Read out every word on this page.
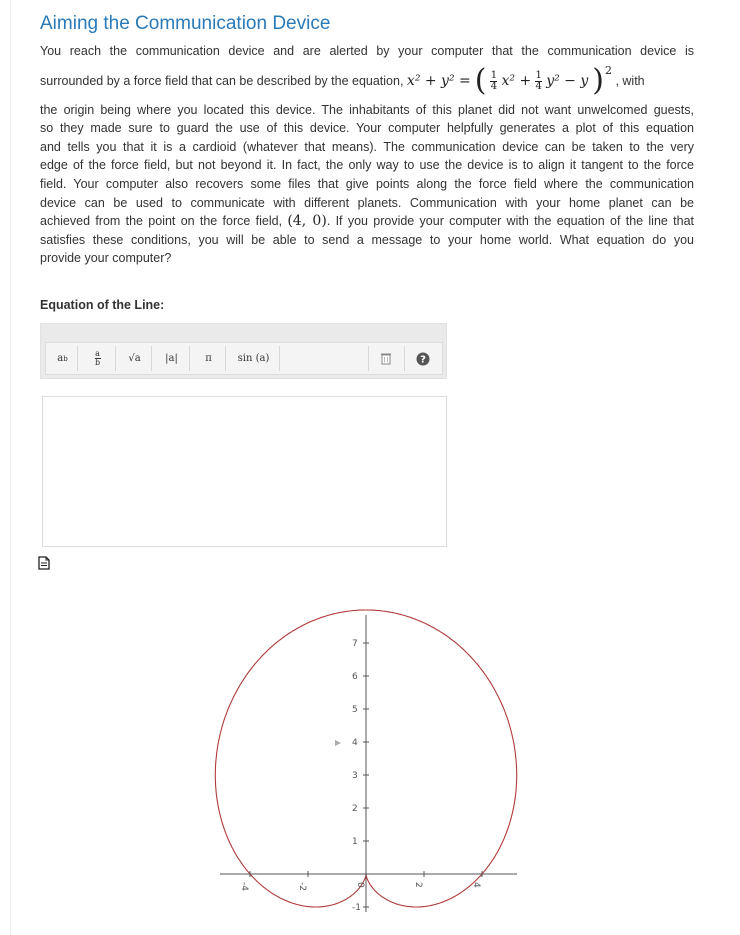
Aiming the Communication Device
You reach the communication device and are alerted by your computer that the communication device is
surrounded by a force field that can be described by the equation, x² + y² = ( $\frac{1}{4} x^2 + \frac{1}{4} y^2 - y$ )$^2$
, with
the origin being where you located this device. The inhabitants of this planet did not want unwelcomed guests,
so they made sure to guard the use of this device. Your computer helpfully generates a plot of this equation
and tells you that it is a cardioid (whatever that means). The communication device can be taken to the very
edge of the force field, but not beyond it. In fact, the only way to use the device is to align it tangent to the force
field. Your computer also recovers some files that give points along the force field where the communication
device can be used to communicate with different planets. Communication with your home planet can be
achieved from the point on the force field, (4, 0). If you provide your computer with the equation of the line that
satisfies these conditions, you will be able to send a message to your home world. What equation do you
provide your computer?
Equation of the Line:
a b
a
b	√a |a|	π	sin (a)	?
-4	-2	0	2	4
-1
1
2
3
4
5
6
7
